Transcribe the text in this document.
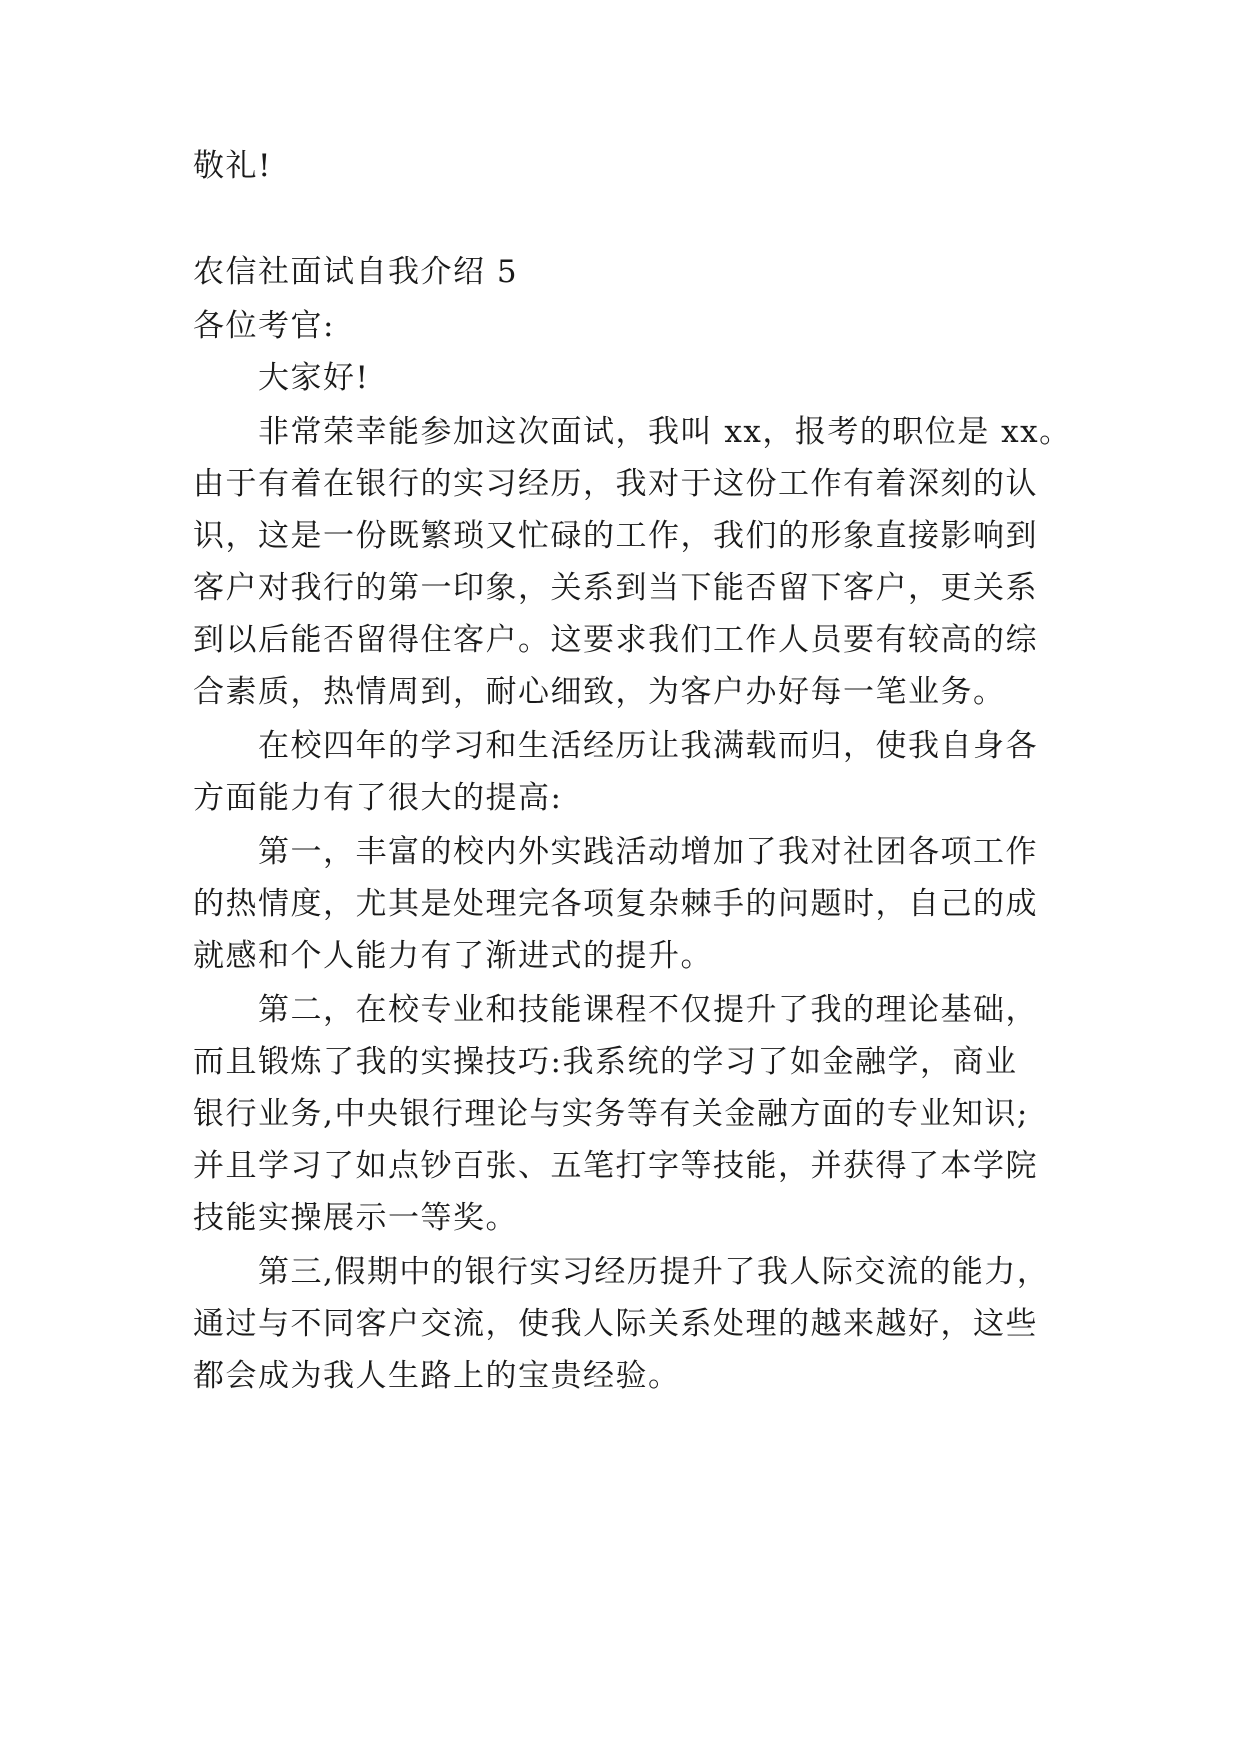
敬礼!
农信社面试自我介绍 5
各位考官:
大家好!
非常荣幸能参加这次面试，我叫 xx，报考的职位是 xx。
由于有着在银行的实习经历，我对于这份工作有着深刻的认
识，这是一份既繁琐又忙碌的工作，我们的形象直接影响到
客户对我行的第一印象，关系到当下能否留下客户，更关系
到以后能否留得住客户。这要求我们工作人员要有较高的综
合素质，热情周到，耐心细致，为客户办好每一笔业务。
在校四年的学习和生活经历让我满载而归，使我自身各
方面能力有了很大的提高:
第一，丰富的校内外实践活动增加了我对社团各项工作
的热情度，尤其是处理完各项复杂棘手的问题时，自己的成
就感和个人能力有了渐进式的提升。
第二，在校专业和技能课程不仅提升了我的理论基础，
而且锻炼了我的实操技巧:我系统的学习了如金融学，商业
银行业务,中央银行理论与实务等有关金融方面的专业知识;
并且学习了如点钞百张、五笔打字等技能，并获得了本学院
技能实操展示一等奖。
第三,假期中的银行实习经历提升了我人际交流的能力，
通过与不同客户交流，使我人际关系处理的越来越好，这些
都会成为我人生路上的宝贵经验。
